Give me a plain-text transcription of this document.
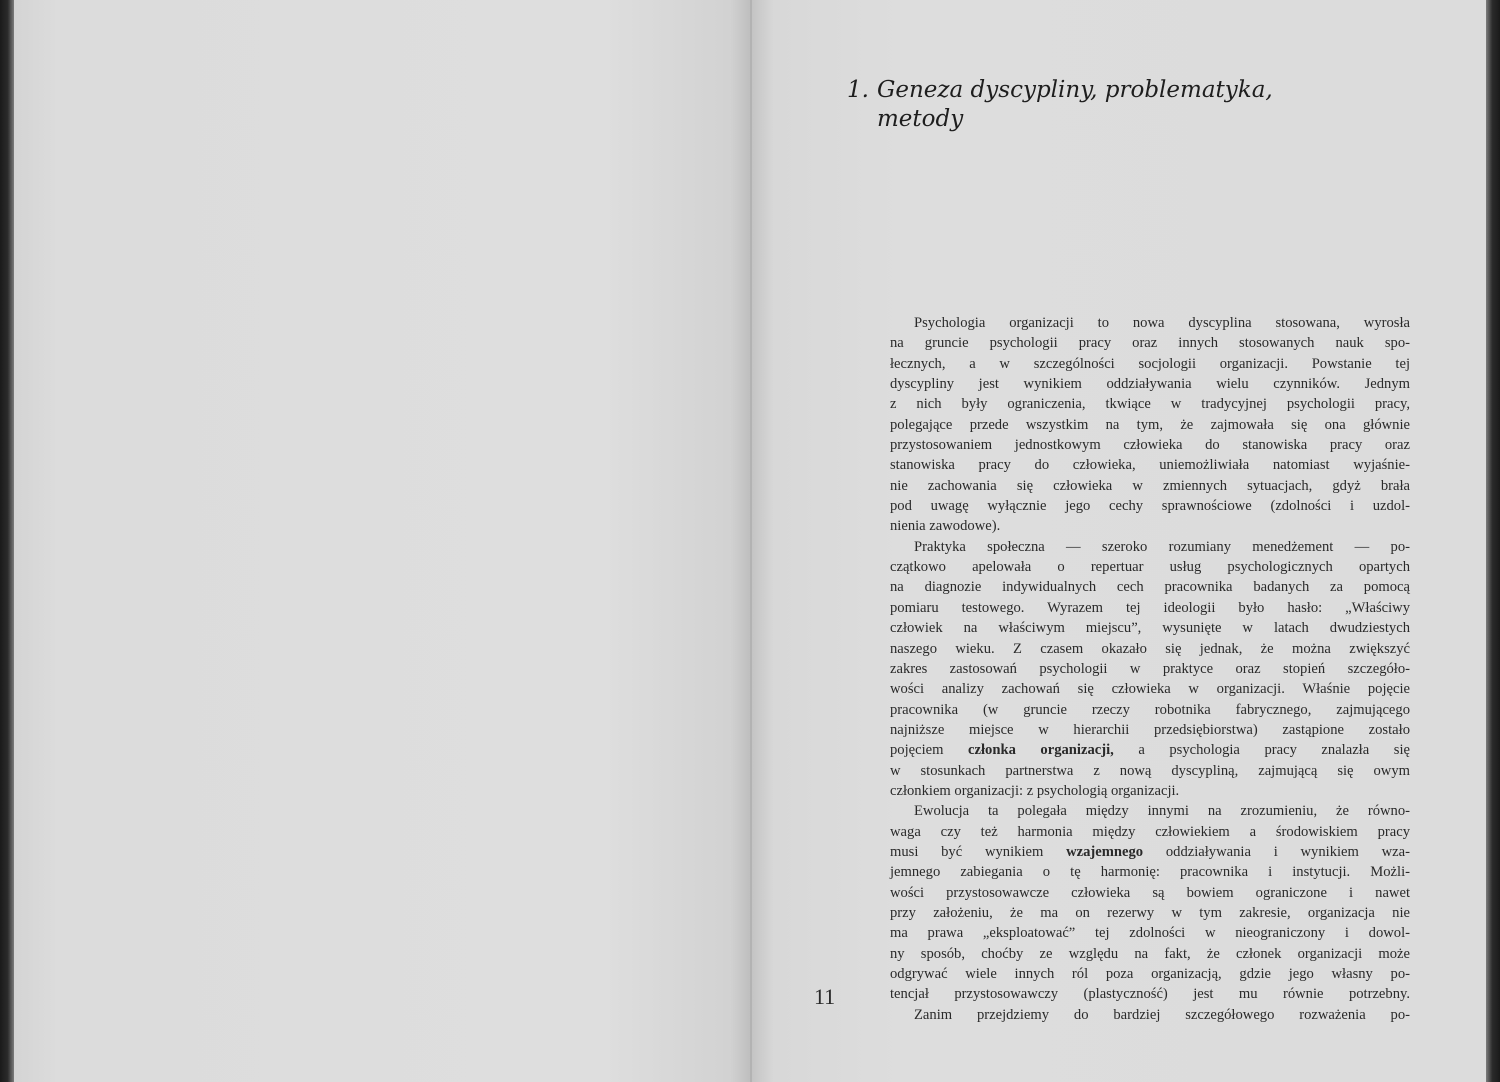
1. Geneza dyscypliny, problematyka,
metody
Psychologia organizacji to nowa dyscyplina stosowana, wyrosła
na gruncie psychologii pracy oraz innych stosowanych nauk spo-
łecznych, a w szczególności socjologii organizacji. Powstanie tej
dyscypliny jest wynikiem oddziaływania wielu czynników. Jednym
z nich były ograniczenia, tkwiące w tradycyjnej psychologii pracy,
polegające przede wszystkim na tym, że zajmowała się ona głównie
przystosowaniem jednostkowym człowieka do stanowiska pracy oraz
stanowiska pracy do człowieka, uniemożliwiała natomiast wyjaśnie-
nie zachowania się człowieka w zmiennych sytuacjach, gdyż brała
pod uwagę wyłącznie jego cechy sprawnościowe (zdolności i uzdol-
nienia zawodowe).
Praktyka społeczna — szeroko rozumiany menedżement — po-
czątkowo apelowała o repertuar usług psychologicznych opartych
na diagnozie indywidualnych cech pracownika badanych za pomocą
pomiaru testowego. Wyrazem tej ideologii było hasło: „Właściwy
człowiek na właściwym miejscu”, wysunięte w latach dwudziestych
naszego wieku. Z czasem okazało się jednak, że można zwiększyć
zakres zastosowań psychologii w praktyce oraz stopień szczegóło-
wości analizy zachowań się człowieka w organizacji. Właśnie pojęcie
pracownika (w gruncie rzeczy robotnika fabrycznego, zajmującego
najniższe miejsce w hierarchii przedsiębiorstwa) zastąpione zostało
pojęciem członka organizacji, a psychologia pracy znalazła się
w stosunkach partnerstwa z nową dyscypliną, zajmującą się owym
członkiem organizacji: z psychologią organizacji.
Ewolucja ta polegała między innymi na zrozumieniu, że równo-
waga czy też harmonia między człowiekiem a środowiskiem pracy
musi być wynikiem wzajemnego oddziaływania i wynikiem wza-
jemnego zabiegania o tę harmonię: pracownika i instytucji. Możli-
wości przystosowawcze człowieka są bowiem ograniczone i nawet
przy założeniu, że ma on rezerwy w tym zakresie, organizacja nie
ma prawa „eksploatować” tej zdolności w nieograniczony i dowol-
ny sposób, choćby ze względu na fakt, że członek organizacji może
odgrywać wiele innych ról poza organizacją, gdzie jego własny po-
tencjał przystosowawczy (plastyczność) jest mu równie potrzebny.
Zanim przejdziemy do bardziej szczegółowego rozważenia po-
11
